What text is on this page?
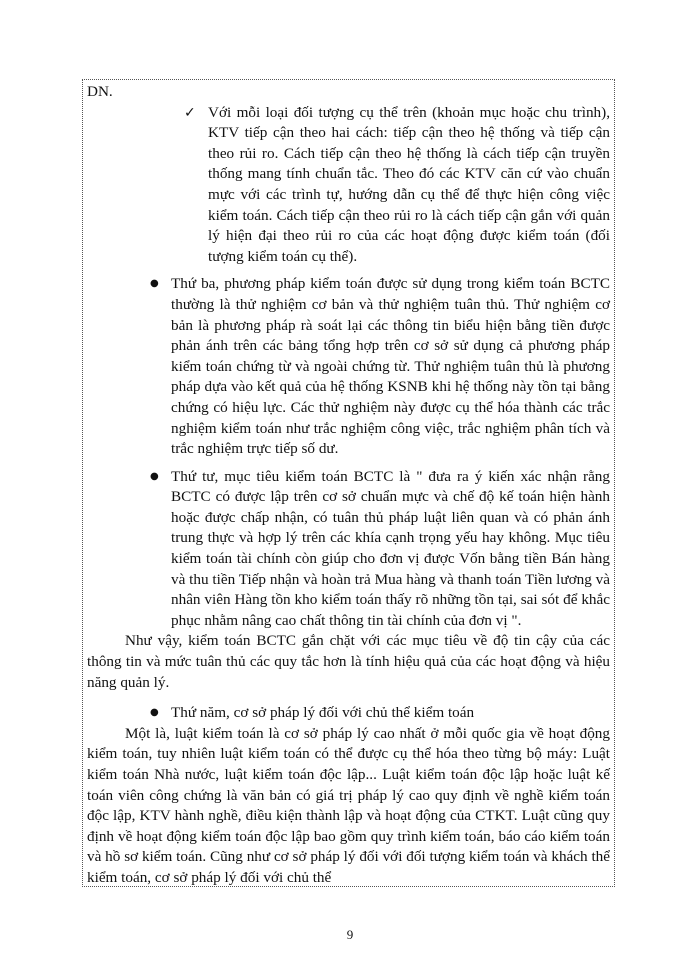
DN.

✓ Với mỗi loại đối tượng cụ thể trên (khoản mục hoặc chu trình), KTV tiếp cận theo hai cách: tiếp cận theo hệ thống và tiếp cận theo rủi ro. Cách tiếp cận theo hệ thống là cách tiếp cận truyền thống mang tính chuẩn tắc. Theo đó các KTV căn cứ vào chuẩn mực với các trình tự, hướng dẫn cụ thể để thực hiện công việc kiểm toán. Cách tiếp cận theo rủi ro là cách tiếp cận gắn với quản lý hiện đại theo rủi ro của các hoạt động được kiểm toán (đối tượng kiểm toán cụ thể).

● Thứ ba, phương pháp kiểm toán được sử dụng trong kiểm toán BCTC thường là thử nghiệm cơ bản và thử nghiệm tuân thủ. Thử nghiệm cơ bản là phương pháp rà soát lại các thông tin biểu hiện bằng tiền được phản ánh trên các bảng tổng hợp trên cơ sở sử dụng cả phương pháp kiểm toán chứng từ và ngoài chứng từ. Thử nghiệm tuân thủ là phương pháp dựa vào kết quả của hệ thống KSNB khi hệ thống này tồn tại bằng chứng có hiệu lực. Các thử nghiệm này được cụ thể hóa thành các trắc nghiệm kiểm toán như trắc nghiệm công việc, trắc nghiệm phân tích và trắc nghiệm trực tiếp số dư.

● Thứ tư, mục tiêu kiểm toán BCTC là " đưa ra ý kiến xác nhận rằng BCTC có được lập trên cơ sở chuẩn mực và chế độ kế toán hiện hành hoặc được chấp nhận, có tuân thủ pháp luật liên quan và có phản ánh trung thực và hợp lý trên các khía cạnh trọng yếu hay không. Mục tiêu kiểm toán tài chính còn giúp cho đơn vị được Vốn bằng tiền Bán hàng và thu tiền Tiếp nhận và hoàn trả Mua hàng và thanh toán Tiền lương và nhân viên Hàng tồn kho kiểm toán thấy rõ những tồn tại, sai sót để khắc phục nhằm nâng cao chất thông tin tài chính của đơn vị ".

Như vậy, kiểm toán BCTC gắn chặt với các mục tiêu về độ tin cậy của các thông tin và mức tuân thủ các quy tắc hơn là tính hiệu quả của các hoạt động và hiệu năng quản lý.

● Thứ năm, cơ sở pháp lý đối với chủ thể kiểm toán

Một là, luật kiểm toán là cơ sở pháp lý cao nhất ở mỗi quốc gia về hoạt động kiểm toán, tuy nhiên luật kiểm toán có thể được cụ thể hóa theo từng bộ máy: Luật kiểm toán Nhà nước, luật kiểm toán độc lập... Luật kiểm toán độc lập hoặc luật kế toán viên công chứng là văn bản có giá trị pháp lý cao quy định về nghề kiểm toán độc lập, KTV hành nghề, điều kiện thành lập và hoạt động của CTKT. Luật cũng quy định về hoạt động kiểm toán độc lập bao gồm quy trình kiểm toán, báo cáo kiểm toán và hồ sơ kiểm toán. Cũng như cơ sở pháp lý đối với đối tượng kiểm toán và khách thể kiểm toán, cơ sở pháp lý đối với chủ thể

9
